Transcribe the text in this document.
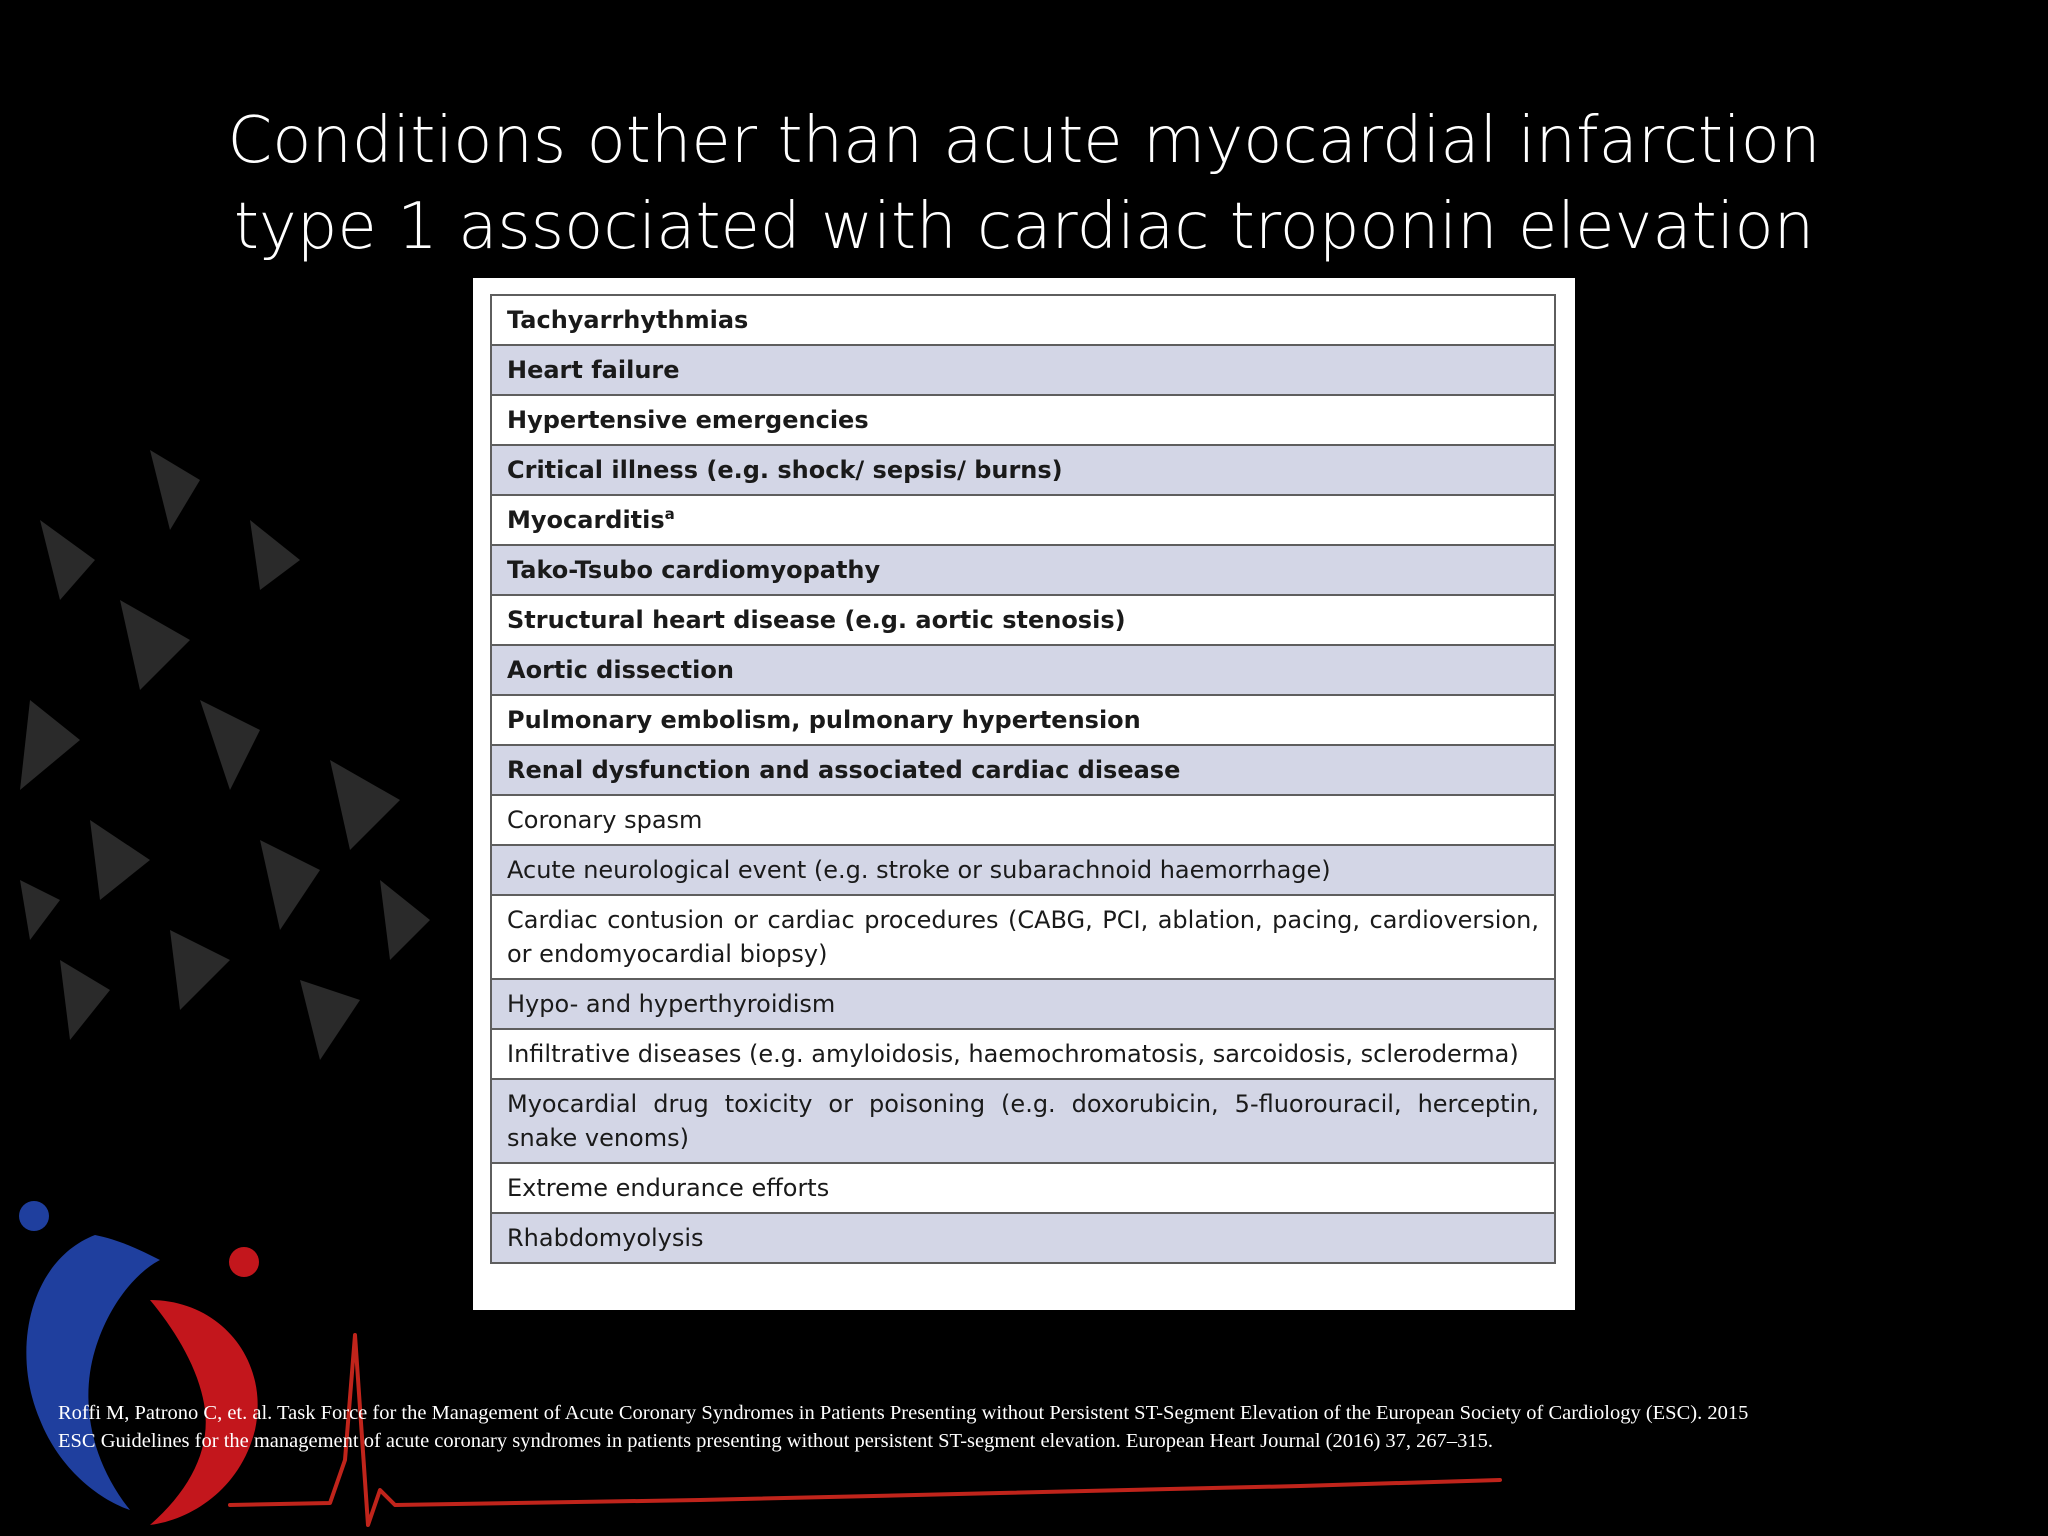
Conditions other than acute myocardial infarction
type 1 associated with cardiac troponin elevation
Tachyarrhythmias
Heart failure
Hypertensive emergencies
Critical illness (e.g. shock/ sepsis/ burns)
Myocarditis$^a$
Tako-Tsubo cardiomyopathy
Structural heart disease (e.g. aortic stenosis)
Aortic dissection
Pulmonary embolism, pulmonary hypertension
Renal dysfunction and associated cardiac disease
Coronary spasm
Acute neurological event (e.g. stroke or subarachnoid haemorrhage)
Cardiac contusion or cardiac procedures (CABG, PCI, ablation, pacing, cardioversion, or endomyocardial biopsy)
Hypo- and hyperthyroidism
Infiltrative diseases (e.g. amyloidosis, haemochromatosis, sarcoidosis, scleroderma)
Myocardial drug toxicity or poisoning (e.g. doxorubicin, 5-fluorouracil, herceptin, snake venoms)
Extreme endurance efforts
Rhabdomyolysis
Roffi M, Patrono C, et. al. Task Force for the Management of Acute Coronary Syndromes in Patients Presenting without Persistent ST-Segment Elevation of the European Society of Cardiology (ESC). 2015
ESC Guidelines for the management of acute coronary syndromes in patients presenting without persistent ST-segment elevation. European Heart Journal (2016) 37, 267–315.
